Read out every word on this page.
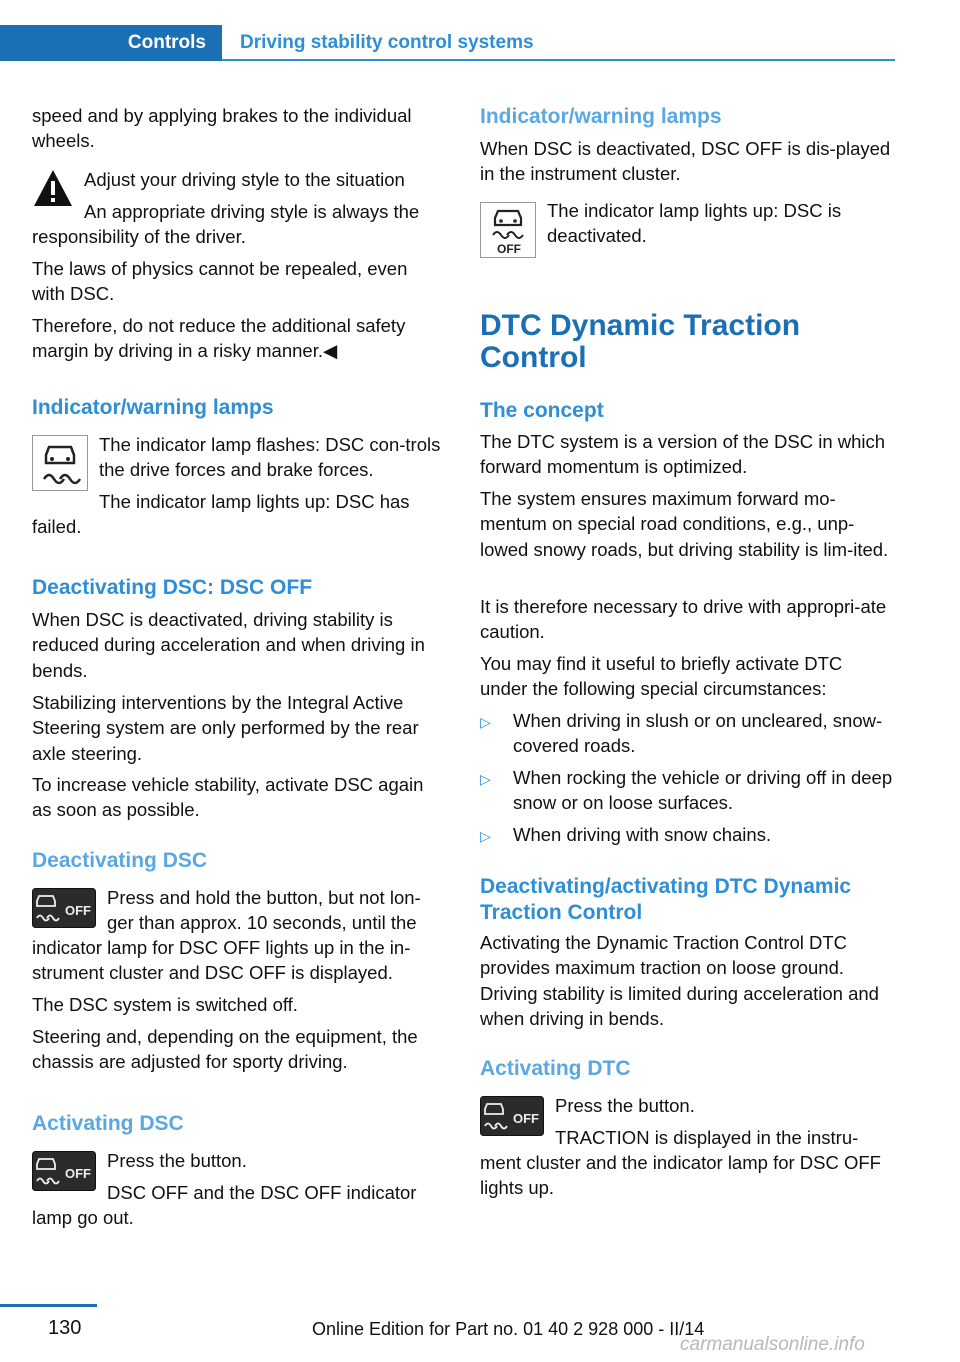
Controls	Driving stability control systems

speed and by applying brakes to the individual wheels.

Adjust your driving style to the situation

An appropriate driving style is always the

responsibility of the driver.

The laws of physics cannot be repealed, even with DSC.

Therefore, do not reduce the additional safety margin by driving in a risky manner.◀

Indicator/warning lamps

The indicator lamp flashes: DSC con‐trols the drive forces and brake forces.

The indicator lamp lights up: DSC has

failed.

Deactivating DSC: DSC OFF

When DSC is deactivated, driving stability is reduced during acceleration and when driving in bends.

Stabilizing interventions by the Integral Active Steering system are only performed by the rear axle steering.

To increase vehicle stability, activate DSC again as soon as possible.

Deactivating DSC
OFF

Press and hold the button, but not lon‐ger than approx. 10 seconds, until the

indicator lamp for DSC OFF lights up in the in‐strument cluster and DSC OFF is displayed.

The DSC system is switched off.

Steering and, depending on the equipment, the chassis are adjusted for sporty driving.

Activating DSC
OFF

Press the button.

DSC OFF and the DSC OFF indicator

lamp go out.

Indicator/warning lamps

When DSC is deactivated, DSC OFF is dis‐played in the instrument cluster.

OFF

The indicator lamp lights up: DSC is deactivated.

DTC Dynamic Traction Control
The concept

The DTC system is a version of the DSC in which forward momentum is optimized.

The system ensures maximum forward mo‐mentum on special road conditions, e.g., unp‐lowed snowy roads, but driving stability is lim‐ited.

It is therefore necessary to drive with appropri‐ate caution.

You may find it useful to briefly activate DTC under the following special circumstances:

▷ When driving in slush or on uncleared, snow-covered roads.
▷ When rocking the vehicle or driving off in deep snow or on loose surfaces.
▷ When driving with snow chains.
Deactivating/activating DTC Dynamic Traction Control

Activating the Dynamic Traction Control DTC provides maximum traction on loose ground. Driving stability is limited during acceleration and when driving in bends.

Activating DTC
OFF

Press the button.

TRACTION is displayed in the instru‐

ment cluster and the indicator lamp for DSC OFF lights up.

130	Online Edition for Part no. 01 40 2 928 000 - II/14
carmanualsonline.info
